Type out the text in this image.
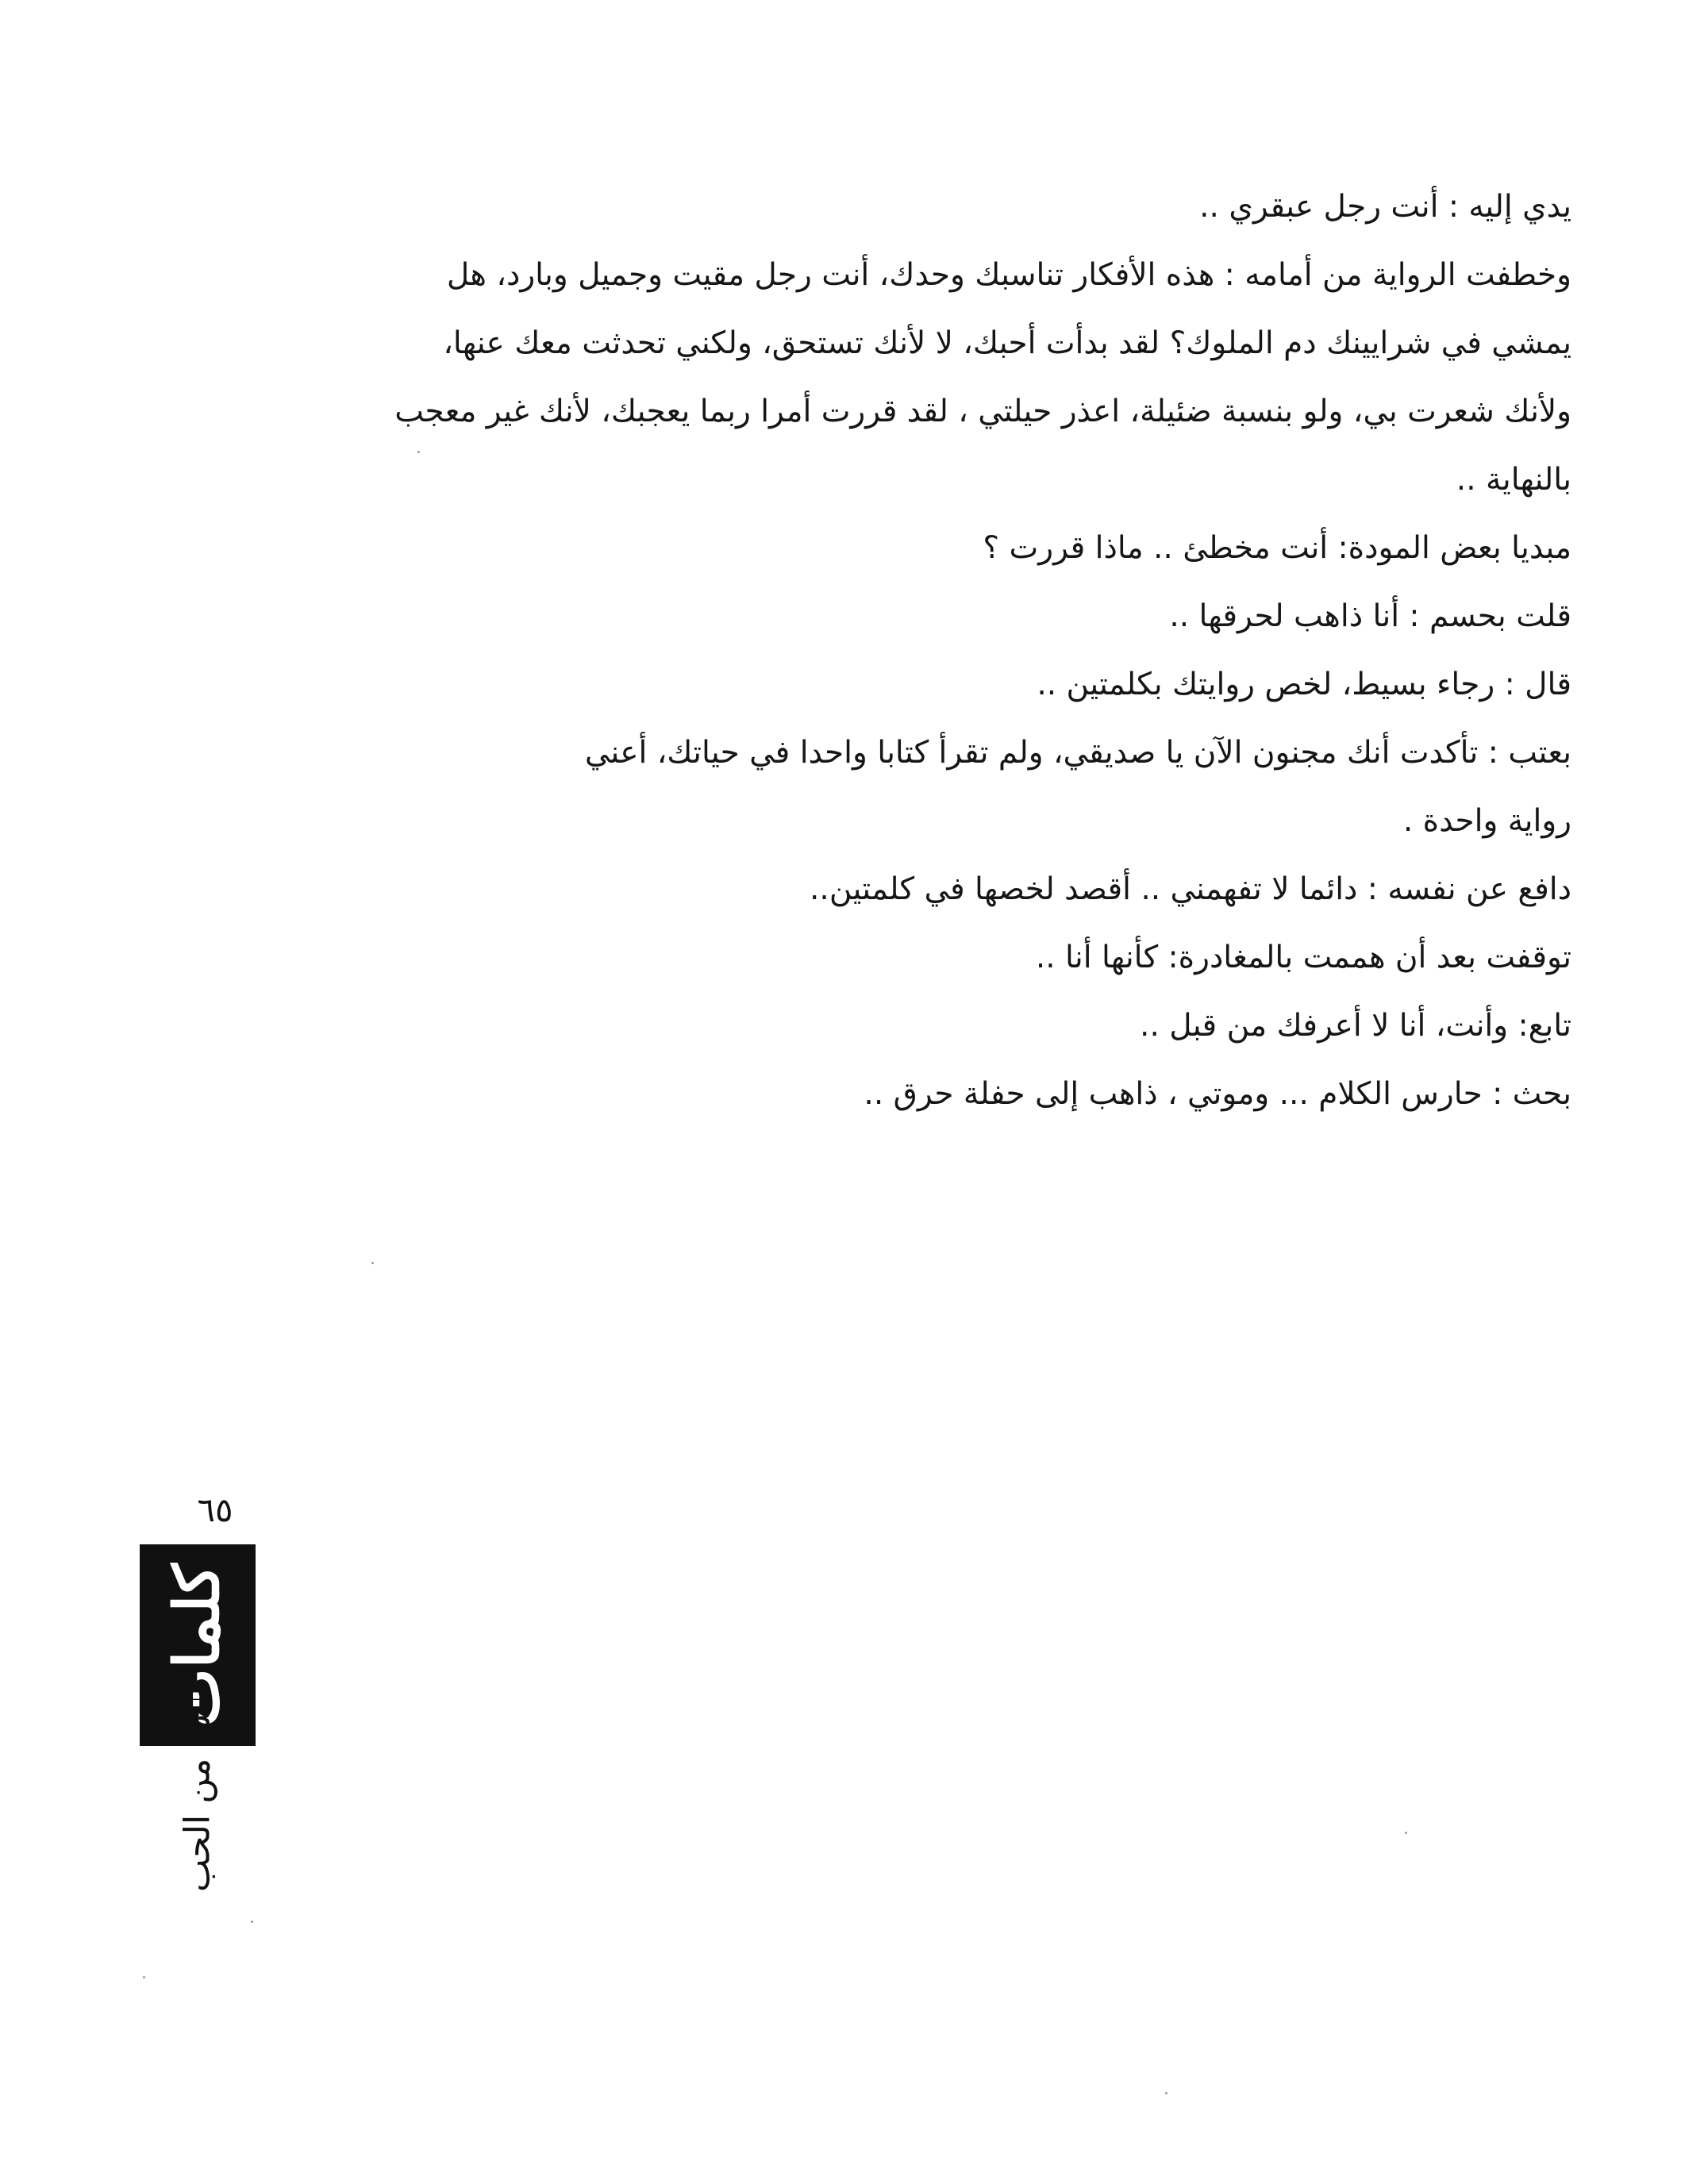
يدي إليه : أنت رجل عبقري ..
وخطفت الرواية من أمامه : هذه الأفكار تناسبك وحدك، أنت رجل مقيت وجميل وبارد، هل
يمشي في شرايينك دم الملوك؟ لقد بدأت أحبك، لا لأنك تستحق، ولكني تحدثت معك عنها،
ولأنك شعرت بي، ولو بنسبة ضئيلة، اعذر حيلتي ، لقد قررت أمرا ربما يعجبك، لأنك غير معجب
بالنهاية ..
مبديا بعض المودة: أنت مخطئ .. ماذا قررت ؟
قلت بحسم : أنا ذاهب لحرقها ..
قال : رجاء بسيط، لخص روايتك بكلمتين ..
بعتب : تأكدت أنك مجنون الآن يا صديقي، ولم تقرأ كتابا واحدا في حياتك، أعني
رواية واحدة .
دافع عن نفسه : دائما لا تفهمني .. أقصد لخصها في كلمتين..
توقفت بعد أن هممت بالمغادرة: كأنها أنا ..
تابع: وأنت، أنا لا أعرفك من قبل ..
بحث : حارس الكلام ... وموتي ، ذاهب إلى حفلة حرق ..
٦٥
كلمات
مس من الحب
